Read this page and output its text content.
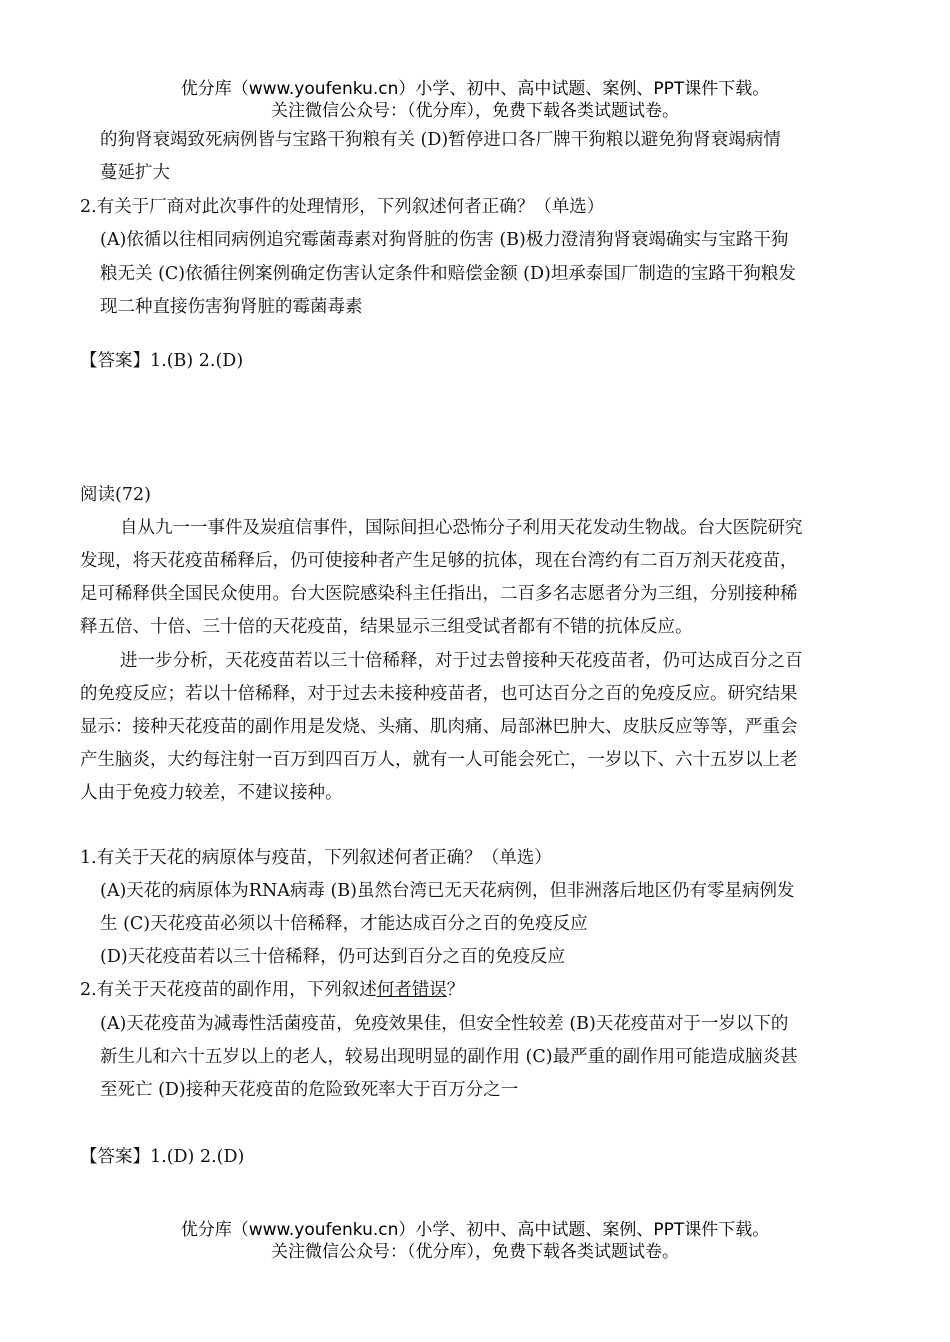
优分库（www.youfenku.cn）小学、初中、高中试题、案例、PPT课件下载。
关注微信公众号：（优分库），免费下载各类试题试卷。
的狗肾衰竭致死病例皆与宝路干狗粮有关 (D)暂停进口各厂牌干狗粮以避免狗肾衰竭病情
蔓延扩大
2.有关于厂商对此次事件的处理情形，下列叙述何者正确？（单选）
(A)依循以往相同病例追究霉菌毒素对狗肾脏的伤害 (B)极力澄清狗肾衰竭确实与宝路干狗
粮无关 (C)依循往例案例确定伤害认定条件和赔偿金额 (D)坦承泰国厂制造的宝路干狗粮发
现二种直接伤害狗肾脏的霉菌毒素
【答案】1.(B) 2.(D)
阅读(72)
自从九一一事件及炭疽信事件，国际间担心恐怖分子利用天花发动生物战。台大医院研究
发现，将天花疫苗稀释后，仍可使接种者产生足够的抗体，现在台湾约有二百万剂天花疫苗，
足可稀释供全国民众使用。台大医院感染科主任指出，二百多名志愿者分为三组，分别接种稀
释五倍、十倍、三十倍的天花疫苗，结果显示三组受试者都有不错的抗体反应。
进一步分析，天花疫苗若以三十倍稀释，对于过去曾接种天花疫苗者，仍可达成百分之百
的免疫反应；若以十倍稀释，对于过去未接种疫苗者，也可达百分之百的免疫反应。研究结果
显示：接种天花疫苗的副作用是发烧、头痛、肌肉痛、局部淋巴肿大、皮肤反应等等，严重会
产生脑炎，大约每注射一百万到四百万人，就有一人可能会死亡，一岁以下、六十五岁以上老
人由于免疫力较差，不建议接种。
1.有关于天花的病原体与疫苗，下列叙述何者正确？（单选）
(A)天花的病原体为RNA病毒 (B)虽然台湾已无天花病例，但非洲落后地区仍有零星病例发
生 (C)天花疫苗必须以十倍稀释，才能达成百分之百的免疫反应
(D)天花疫苗若以三十倍稀释，仍可达到百分之百的免疫反应
2.有关于天花疫苗的副作用，下列叙述何者错误？
(A)天花疫苗为减毒性活菌疫苗，免疫效果佳，但安全性较差 (B)天花疫苗对于一岁以下的
新生儿和六十五岁以上的老人，较易出现明显的副作用 (C)最严重的副作用可能造成脑炎甚
至死亡 (D)接种天花疫苗的危险致死率大于百万分之一
【答案】1.(D) 2.(D)
优分库（www.youfenku.cn）小学、初中、高中试题、案例、PPT课件下载。
关注微信公众号：（优分库），免费下载各类试题试卷。
